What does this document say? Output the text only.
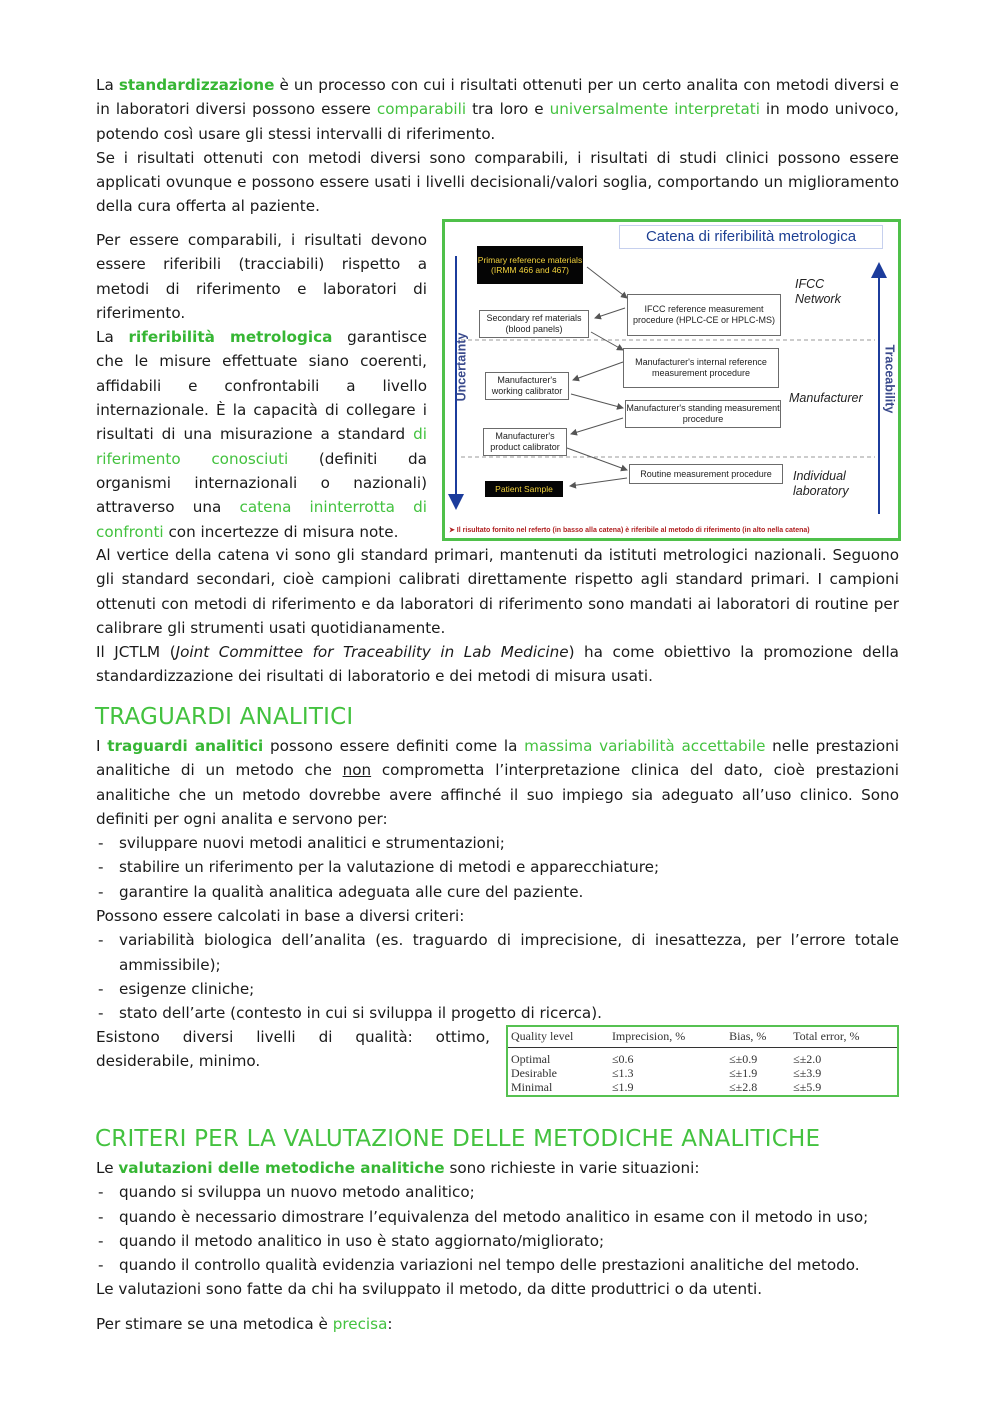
La standardizzazione è un processo con cui i risultati ottenuti per un certo analita con metodi diversi e in laboratori diversi possono essere comparabili tra loro e universalmente interpretati in modo univoco, potendo così usare gli stessi intervalli di riferimento.

Se i risultati ottenuti con metodi diversi sono comparabili, i risultati di studi clinici possono essere applicati ovunque e possono essere usati i livelli decisionali/valori soglia, comportando un miglioramento della cura offerta al paziente.

Per essere comparabili, i risultati devono essere riferibili (tracciabili) rispetto a metodi di riferimento e laboratori di riferimento.

La riferibilità metrologica garantisce che le misure effettuate siano coerenti, affidabili e confrontabili a livello internazionale. È la capacità di collegare i risultati di una misurazione a standard di riferimento conosciuti (definiti da organismi internazionali o nazionali) attraverso una catena ininterrotta di confronti con incertezze di misura note.

Catena di riferibilità metrologica
Primary reference materials (IRMM 466 and 467)
Secondary ref materials (blood panels)
IFCC reference measurement procedure (HPLC-CE or HPLC-MS)
Manufacturer's internal reference measurement procedure
Manufacturer's working calibrator
Manufacturer's standing measurement procedure
Manufacturer's product calibrator
Routine measurement procedure
Patient Sample
IFCC Network
Manufacturer
Individual laboratory
Uncertainty	Traceability
➤ Il risultato fornito nel referto (in basso alla catena) è riferibile al metodo di riferimento (in alto nella catena)

Al vertice della catena vi sono gli standard primari, mantenuti da istituti metrologici nazionali. Seguono gli standard secondari, cioè campioni calibrati direttamente rispetto agli standard primari. I campioni ottenuti con metodi di riferimento e da laboratori di riferimento sono mandati ai laboratori di routine per calibrare gli strumenti usati quotidianamente.

Il JCTLM (Joint Committee for Traceability in Lab Medicine) ha come obiettivo la promozione della standardizzazione dei risultati di laboratorio e dei metodi di misura usati.

TRAGUARDI ANALITICI

I traguardi analitici possono essere definiti come la massima variabilità accettabile nelle prestazioni analitiche di un metodo che non comprometta l’interpretazione clinica del dato, cioè prestazioni analitiche che un metodo dovrebbe avere affinché il suo impiego sia adeguato all’uso clinico. Sono definiti per ogni analita e servono per:

- sviluppare nuovi metodi analitici e strumentazioni;
- stabilire un riferimento per la valutazione di metodi e apparecchiature;
- garantire la qualità analitica adeguata alle cure del paziente.

Possono essere calcolati in base a diversi criteri:

- variabilità biologica dell’analita (es. traguardo di imprecisione, di inesattezza, per l’errore totale ammissibile);
- esigenze cliniche;
- stato dell’arte (contesto in cui si sviluppa il progetto di ricerca).
Esistono diversi livelli di qualità: ottimo, desiderabile, minimo.
Quality level	Imprecision, %	Bias, %	Total error, %
Optimal	≤0.6	≤±0.9	≤±2.0
Desirable	≤1.3	≤±1.9	≤±3.9
Minimal	≤1.9	≤±2.8	≤±5.9
CRITERI PER LA VALUTAZIONE DELLE METODICHE ANALITICHE

Le valutazioni delle metodiche analitiche sono richieste in varie situazioni:

- quando si sviluppa un nuovo metodo analitico;
- quando è necessario dimostrare l’equivalenza del metodo analitico in esame con il metodo in uso;
- quando il metodo analitico in uso è stato aggiornato/migliorato;
- quando il controllo qualità evidenzia variazioni nel tempo delle prestazioni analitiche del metodo.

Le valutazioni sono fatte da chi ha sviluppato il metodo, da ditte produttrici o da utenti.

Per stimare se una metodica è precisa:
